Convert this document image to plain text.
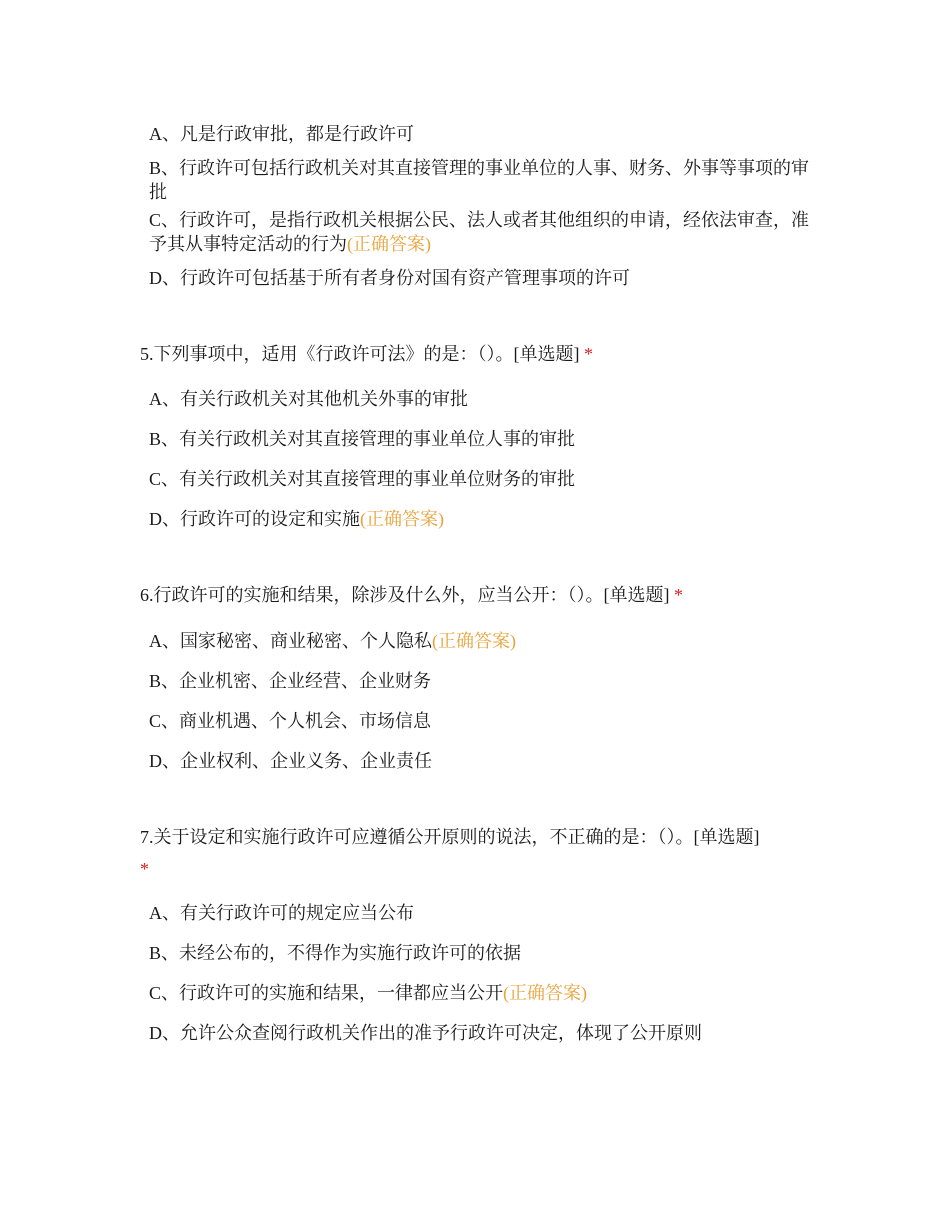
A、凡是行政审批，都是行政许可

B、行政许可包括行政机关对其直接管理的事业单位的人事、财务、外事等事项的审批

C、行政许可，是指行政机关根据公民、法人或者其他组织的申请，经依法审查，准予其从事特定活动的行为(正确答案)

D、行政许可包括基于所有者身份对国有资产管理事项的许可

5.下列事项中，适用《行政许可法》的是：（）。[单选题] *

A、有关行政机关对其他机关外事的审批

B、有关行政机关对其直接管理的事业单位人事的审批

C、有关行政机关对其直接管理的事业单位财务的审批

D、行政许可的设定和实施(正确答案)

6.行政许可的实施和结果，除涉及什么外，应当公开：（）。[单选题] *

A、国家秘密、商业秘密、个人隐私(正确答案)

B、企业机密、企业经营、企业财务

C、商业机遇、个人机会、市场信息

D、企业权利、企业义务、企业责任

7.关于设定和实施行政许可应遵循公开原则的说法，不正确的是：（）。[单选题]
*

A、有关行政许可的规定应当公布

B、未经公布的，不得作为实施行政许可的依据

C、行政许可的实施和结果，一律都应当公开(正确答案)

D、允许公众查阅行政机关作出的准予行政许可决定，体现了公开原则
